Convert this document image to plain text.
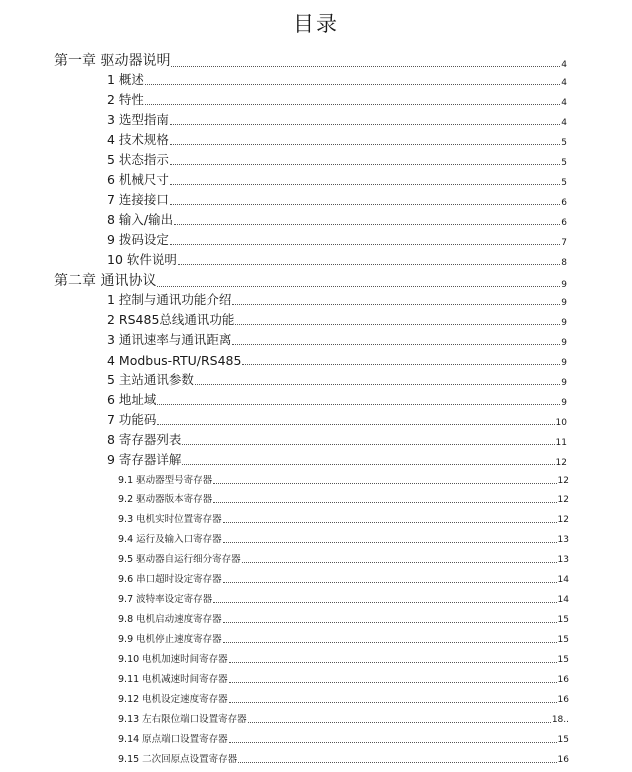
目录
第一章 驱动器说明	4
1 概述	4
2 特性	4
3 选型指南	4
4 技术规格	5
5 状态指示	5
6 机械尺寸	5
7 连接接口	6
8 输入/输出	6
9 拨码设定	7
10 软件说明	8
第二章 通讯协议	9
1 控制与通讯功能介绍	9
2 RS485总线通讯功能	9
3 通讯速率与通讯距离	9
4 Modbus-RTU/RS485	9
5 主站通讯参数	9
6 地址域	9
7 功能码	10
8 寄存器列表	11
9 寄存器详解	12
9.1 驱动器型号寄存器	12
9.2 驱动器版本寄存器	12
9.3 电机实时位置寄存器	12
9.4 运行及输入口寄存器	13
9.5 驱动器自运行细分寄存器	13
9.6 串口超时设定寄存器	14
9.7 波特率设定寄存器	14
9.8 电机启动速度寄存器	15
9.9 电机停止速度寄存器	15
9.10 电机加速时间寄存器	15
9.11 电机减速时间寄存器	16
9.12 电机设定速度寄存器	16
9.13 左右限位端口设置寄存器	18..
9.14 原点端口设置寄存器	15
9.15 二次回原点设置寄存器	16
